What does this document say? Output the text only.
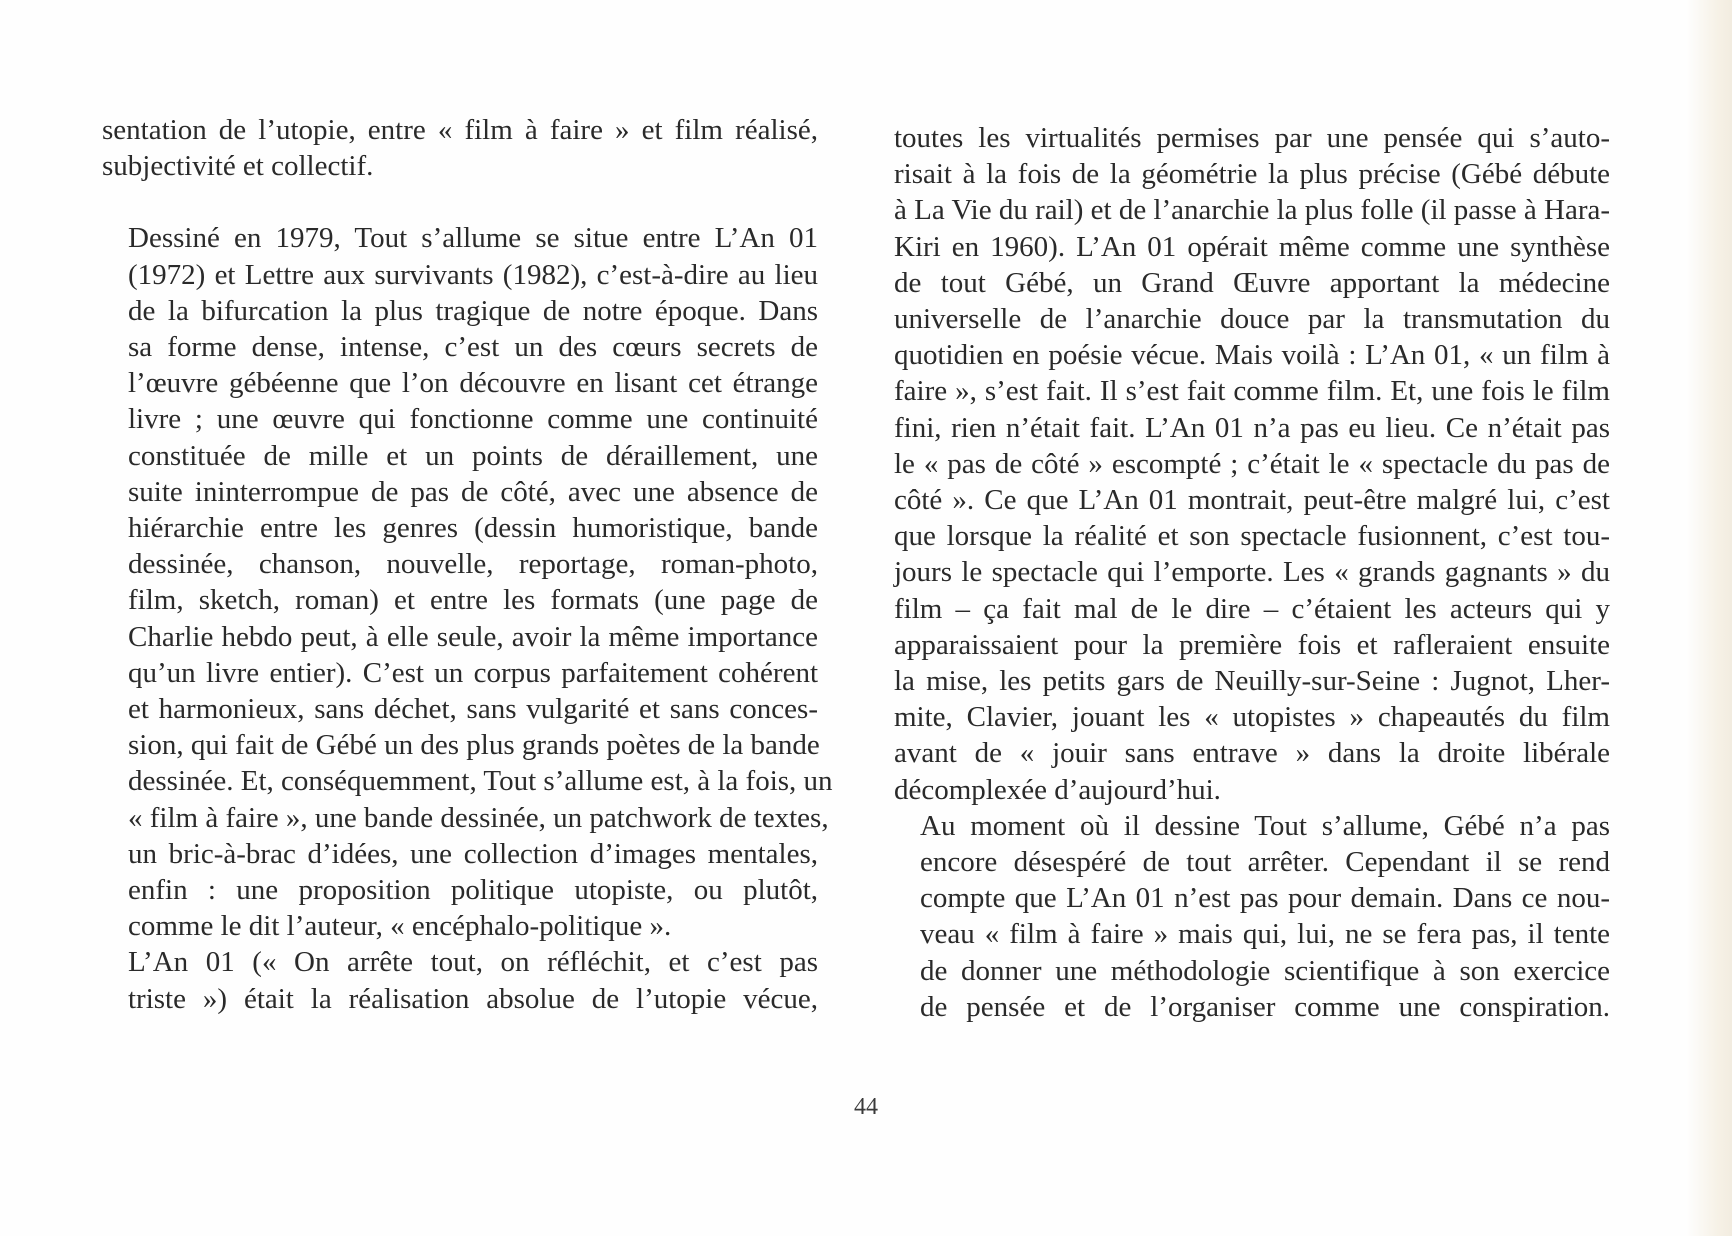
sentation de l’utopie, entre « film à faire » et film réalisé,
subjectivité et collectif.

Dessiné en 1979, Tout s’allume se situe entre L’An 01
(1972) et Lettre aux survivants (1982), c’est-à-dire au lieu
de la bifurcation la plus tragique de notre époque. Dans
sa forme dense, intense, c’est un des cœurs secrets de
l’œuvre gébéenne que l’on découvre en lisant cet étrange
livre ; une œuvre qui fonctionne comme une continuité
constituée de mille et un points de déraillement, une
suite ininterrompue de pas de côté, avec une absence de
hiérarchie entre les genres (dessin humoristique, bande
dessinée, chanson, nouvelle, reportage, roman-photo,
film, sketch, roman) et entre les formats (une page de
Charlie hebdo peut, à elle seule, avoir la même importance
qu’un livre entier). C’est un corpus parfaitement cohérent
et harmonieux, sans déchet, sans vulgarité et sans conces-
sion, qui fait de Gébé un des plus grands poètes de la bande
dessinée. Et, conséquemment, Tout s’allume est, à la fois, un
« film à faire », une bande dessinée, un patchwork de textes,
un bric-à-brac d’idées, une collection d’images mentales,
enfin : une proposition politique utopiste, ou plutôt,
comme le dit l’auteur, « encéphalo-politique ».

L’An 01 (« On arrête tout, on réfléchit, et c’est pas
triste ») était la réalisation absolue de l’utopie vécue,

toutes les virtualités permises par une pensée qui s’auto-
risait à la fois de la géométrie la plus précise (Gébé débute
à La Vie du rail) et de l’anarchie la plus folle (il passe à Hara-
Kiri en 1960). L’An 01 opérait même comme une synthèse
de tout Gébé, un Grand Œuvre apportant la médecine
universelle de l’anarchie douce par la transmutation du
quotidien en poésie vécue. Mais voilà : L’An 01, « un film à
faire », s’est fait. Il s’est fait comme film. Et, une fois le film
fini, rien n’était fait. L’An 01 n’a pas eu lieu. Ce n’était pas
le « pas de côté » escompté ; c’était le « spectacle du pas de
côté ». Ce que L’An 01 montrait, peut-être malgré lui, c’est
que lorsque la réalité et son spectacle fusionnent, c’est tou-
jours le spectacle qui l’emporte. Les « grands gagnants » du
film – ça fait mal de le dire – c’étaient les acteurs qui y
apparaissaient pour la première fois et rafleraient ensuite
la mise, les petits gars de Neuilly-sur-Seine : Jugnot, Lher-
mite, Clavier, jouant les « utopistes » chapeautés du film
avant de « jouir sans entrave » dans la droite libérale
décomplexée d’aujourd’hui.

Au moment où il dessine Tout s’allume, Gébé n’a pas
encore désespéré de tout arrêter. Cependant il se rend
compte que L’An 01 n’est pas pour demain. Dans ce nou-
veau « film à faire » mais qui, lui, ne se fera pas, il tente
de donner une méthodologie scientifique à son exercice
de pensée et de l’organiser comme une conspiration.

44
